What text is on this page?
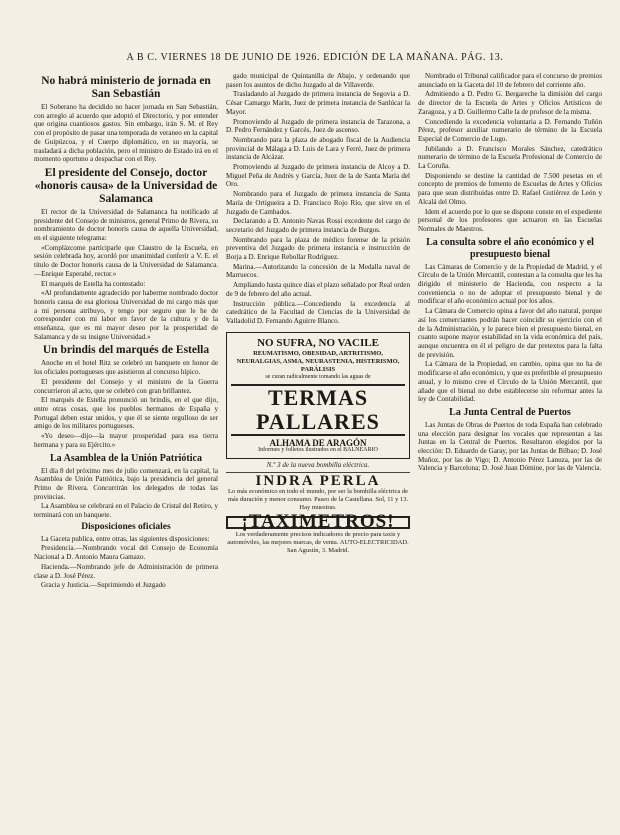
A B C. VIERNES 18 DE JUNIO DE 1926. EDICIÓN DE LA MAÑANA. PÁG. 13.
No habrá ministerio de jornada en San Sebastián

El Soberano ha decidido no hacer jornada en San Sebastián, con arreglo al acuerdo que adoptó el Directorio, y por entender que origina cuantiosos gastos. Sin embargo, irán S. M. el Rey con el propósito de pasar una temporada de veraneo en la capital de Guipúzcoa, y el Cuerpo diplomático, en su mayoría, se trasladará a dicha población, pero el ministro de Estado irá en el momento oportuno a despachar con el Rey.

El presidente del Consejo, doctor «honoris causa» de la Universidad de Salamanca

El rector de la Universidad de Salamanca ha notificado al presidente del Consejo de ministros, general Primo de Rivera, su nombramiento de doctor honoris causa de aquella Universidad, en el siguiente telegrama:

«Complázcome participarle que Claustro de la Escuela, en sesión celebrada hoy, acordó por unanimidad conferir a V. E. el título de Doctor honoris causa de la Universidad de Salamanca.—Enrique Esperabé, rector.»

El marqués de Estella ha contestado:

«Al profundamente agradecido por haberme nombrado doctor honoris causa de esa gloriosa Universidad de mi cargo más que a mi persona atribuyo, y tengo por seguro que le he de corresponder con mi labor en favor de la cultura y de la enseñanza, que es mi mayor deseo por la prosperidad de Salamanca y de su insigne Universidad.»

Un brindis del marqués de Estella

Anoche en el hotel Ritz se celebró un banquete en honor de los oficiales portugueses que asistieron al concurso hípico.

El presidente del Consejo y el ministro de la Guerra concurrieron al acto, que se celebró con gran brillantez.

El marqués de Estella pronunció un brindis, en el que dijo, entre otras cosas, que los pueblos hermanos de España y Portugal deben estar unidos, y que él se siente orgulloso de ser amigo de los militares portugueses.

«Yo deseo—dijo—la mayor prosperidad para esa tierra hermana y para su Ejército.»

La Asamblea de la Unión Patriótica

El día 8 del próximo mes de julio comenzará, en la capital, la Asamblea de Unión Patriótica, bajo la presidencia del general Primo de Rivera. Concurrirán los delegados de todas las provincias.

La Asamblea se celebrará en el Palacio de Cristal del Retiro, y terminará con un banquete.

Disposiciones oficiales

La Gaceta publica, entre otras, las siguientes disposiciones:

Presidencia.—Nombrando vocal del Consejo de Economía Nacional a D. Antonio Maura Gamazo.

Hacienda.—Nombrando jefe de Administración de primera clase a D. José Pérez.

Gracia y Justicia.—Suprimiendo el Juzgado

gado municipal de Quintanilla de Abajo, y ordenando que pasen los asuntos de dicho Juzgado al de Villaverde.

Trasladando al Juzgado de primera instancia de Segovia a D. César Camargo Marín, Juez de primera instancia de Sanlúcar la Mayor.

Promoviendo al Juzgado de primera instancia de Tarazona, a D. Pedro Fernández y Garcés, Juez de ascenso.

Nombrando para la plaza de abogado fiscal de la Audiencia provincial de Málaga a D. Luis de Lara y Ferré, Juez de primera instancia de Alcázar.

Promoviendo al Juzgado de primera instancia de Alcoy a D. Miguel Peña de Andrés y García, Juez de la de Santa María del Oro.

Nombrando para el Juzgado de primera instancia de Santa María de Ortigueira a D. Francisco Rojo Río, que sirve en el Juzgado de Cambados.

Declarando a D. Antonio Navas Rossi excedente del cargo de secretario del Juzgado de primera instancia de Burgos.

Nombrando para la plaza de médico forense de la prisión preventiva del Juzgado de primera instancia e instrucción de Borja a D. Enrique Rebollar Rodríguez.

Marina.—Autorizando la concesión de la Medalla naval de Marruecos.

Ampliando hasta quince días el plazo señalado por Real orden de 9 de febrero del año actual.

Instrucción pública.—Concediendo la excedencia al catedrático de la Facultad de Ciencias de la Universidad de Valladolid D. Fernando Aguirre Blanco.

NO SUFRA, NO VACILE
REUMATISMO, OBESIDAD, ARTRITISMO, NEURALGIAS, ASMA, NEURASTENIA, HISTERISMO, PARÁLISIS
se curan radicalmente tomando las aguas de
TERMAS PALLARES
ALHAMA DE ARAGÓN
Informes y folletos ilustrados en el BALNEARIO
N.º 3 de la nueva bombilla eléctrica.
INDRA PERLA
Lo más económico en todo el mundo, por ser la bombilla eléctrica de más duración y menor consumo. Paseo de la Castellana. Sol, 11 y 13. Hay muestras.
¡TAXIMETROS!
Los verdaderamente precisos indicadores de precio para taxis y automóviles, las mejores marcas, de venta. AUTO-ELECTRICIDAD. San Agustín, 3. Madrid.

Nombrado el Tribunal calificador para el concurso de premios anunciado en la Gaceta del 10 de febrero del corriente año.

Admitiendo a D. Pedro G. Bergareche la dimisión del cargo de director de la Escuela de Artes y Oficios Artísticos de Zaragoza, y a D. Guillermo Calle la de profesor de la misma.

Concediendo la excedencia voluntaria a D. Fernando Tuñón Pérez, profesor auxiliar numerario de término de la Escuela Especial de Comercio de Lugo.

Jubilando a D. Francisco Morales Sánchez, catedrático numerario de término de la Escuela Profesional de Comercio de La Coruña.

Disponiendo se destine la cantidad de 7.500 pesetas en el concepto de premios de fomento de Escuelas de Artes y Oficios para que sean distribuidas entre D. Rafael Gutiérrez de León y Alcalá del Olmo.

Idem el acuerdo por lo que se dispone conste en el expediente personal de los profesores que actuaron en las Escuelas Normales de Maestros.

La consulta sobre el año económico y el presupuesto bienal

Las Cámaras de Comercio y de la Propiedad de Madrid, y el Círculo de la Unión Mercantil, contestan a la consulta que les ha dirigido el ministerio de Hacienda, con respecto a la conveniencia o no de adoptar el presupuesto bienal y de modificar el año económico actual por los años.

La Cámara de Comercio opina a favor del año natural, porque así los comerciantes podrán hacer coincidir su ejercicio con el de la Administración, y le parece bien el presupuesto bienal, en cuanto supone mayor estabilidad en la vida económica del país, aunque encuentra en él el peligro de dar pretextos para la falta de previsión.

La Cámara de la Propiedad, en cambio, opina que no ha de modificarse el año económico, y que es preferible el presupuesto anual, y lo mismo cree el Círculo de la Unión Mercantil, que añade que el bienal no debe establecerse sin reformar antes la ley de Contabilidad.

La Junta Central de Puertos

Las Juntas de Obras de Puertos de toda España han celebrado una elección para designar los vocales que representan a las Juntas en la Central de Puertos. Resultaron elegidos por la elección: D. Eduardo de Garay, por las Juntas de Bilbao; D. José Muñoz, por las de Vigo; D. Antonio Pérez Lanuza, por las de Valencia y Barcelona; D. José Juan Dómine, por las de Valencia.
